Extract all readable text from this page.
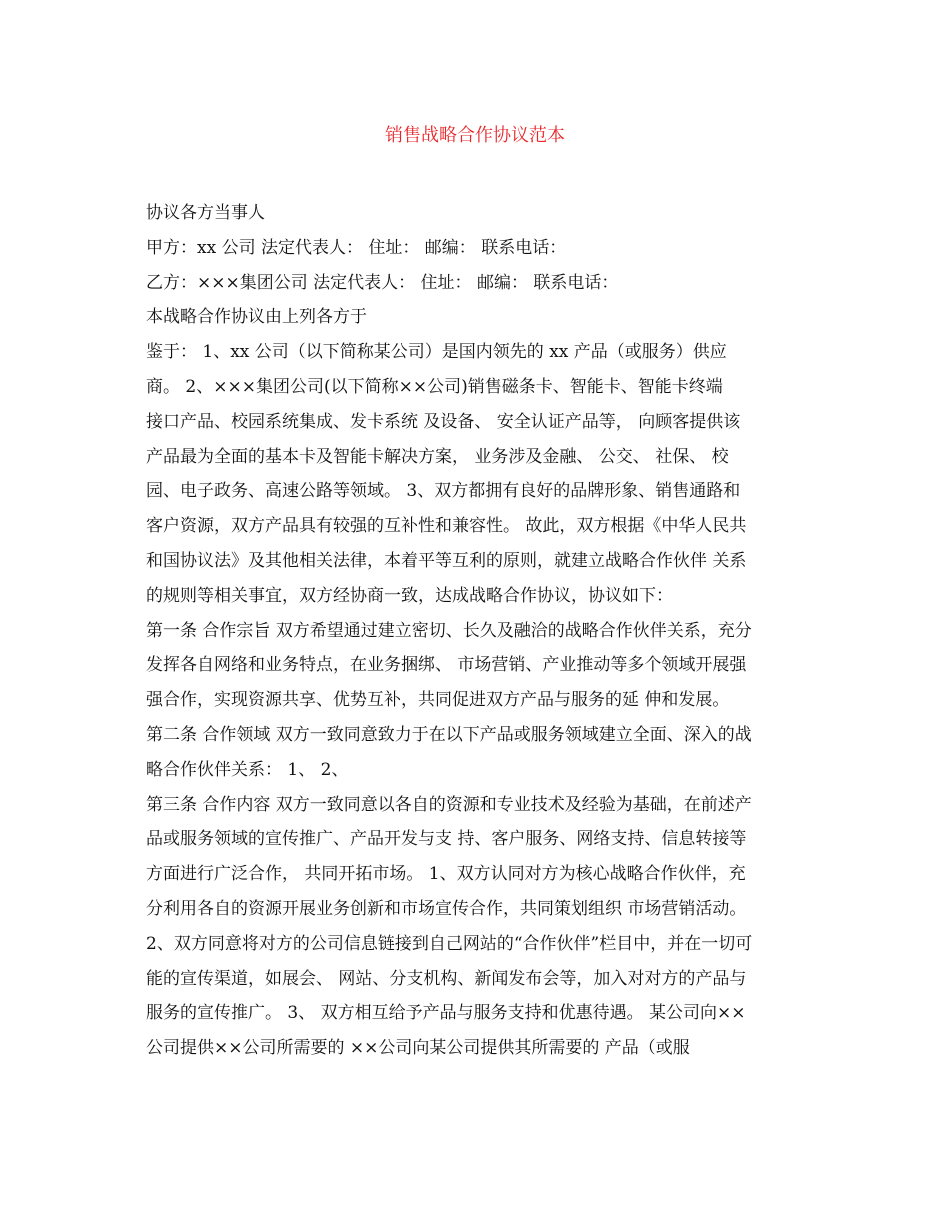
销售战略合作协议范本
协议各方当事人
甲方：xx 公司 法定代表人： 住址： 邮编： 联系电话：
乙方：×××集团公司 法定代表人： 住址： 邮编： 联系电话：
本战略合作协议由上列各方于
鉴于： 1、xx 公司（以下简称某公司）是国内领先的 xx 产品（或服务）供应
商。 2、×××集团公司(以下简称××公司)销售磁条卡、智能卡、智能卡终端
接口产品、校园系统集成、发卡系统 及设备、 安全认证产品等， 向顾客提供该
产品最为全面的基本卡及智能卡解决方案， 业务涉及金融、 公交、 社保、 校
园、电子政务、高速公路等领域。 3、双方都拥有良好的品牌形象、销售通路和
客户资源，双方产品具有较强的互补性和兼容性。 故此，双方根据《中华人民共
和国协议法》及其他相关法律，本着平等互利的原则，就建立战略合作伙伴 关系
的规则等相关事宜，双方经协商一致，达成战略合作协议，协议如下：
第一条 合作宗旨 双方希望通过建立密切、长久及融洽的战略合作伙伴关系，充分
发挥各自网络和业务特点，在业务捆绑、 市场营销、产业推动等多个领域开展强
强合作，实现资源共享、优势互补，共同促进双方产品与服务的延 伸和发展。
第二条 合作领域 双方一致同意致力于在以下产品或服务领域建立全面、深入的战
略合作伙伴关系： 1、 2、
第三条 合作内容 双方一致同意以各自的资源和专业技术及经验为基础，在前述产
品或服务领域的宣传推广、产品开发与支 持、客户服务、网络支持、信息转接等
方面进行广泛合作， 共同开拓市场。 1、双方认同对方为核心战略合作伙伴，充
分利用各自的资源开展业务创新和市场宣传合作，共同策划组织 市场营销活动。
2、双方同意将对方的公司信息链接到自己网站的“合作伙伴”栏目中，并在一切可
能的宣传渠道，如展会、 网站、分支机构、新闻发布会等，加入对对方的产品与
服务的宣传推广。 3、 双方相互给予产品与服务支持和优惠待遇。 某公司向××
公司提供××公司所需要的 ××公司向某公司提供其所需要的 产品（或服
